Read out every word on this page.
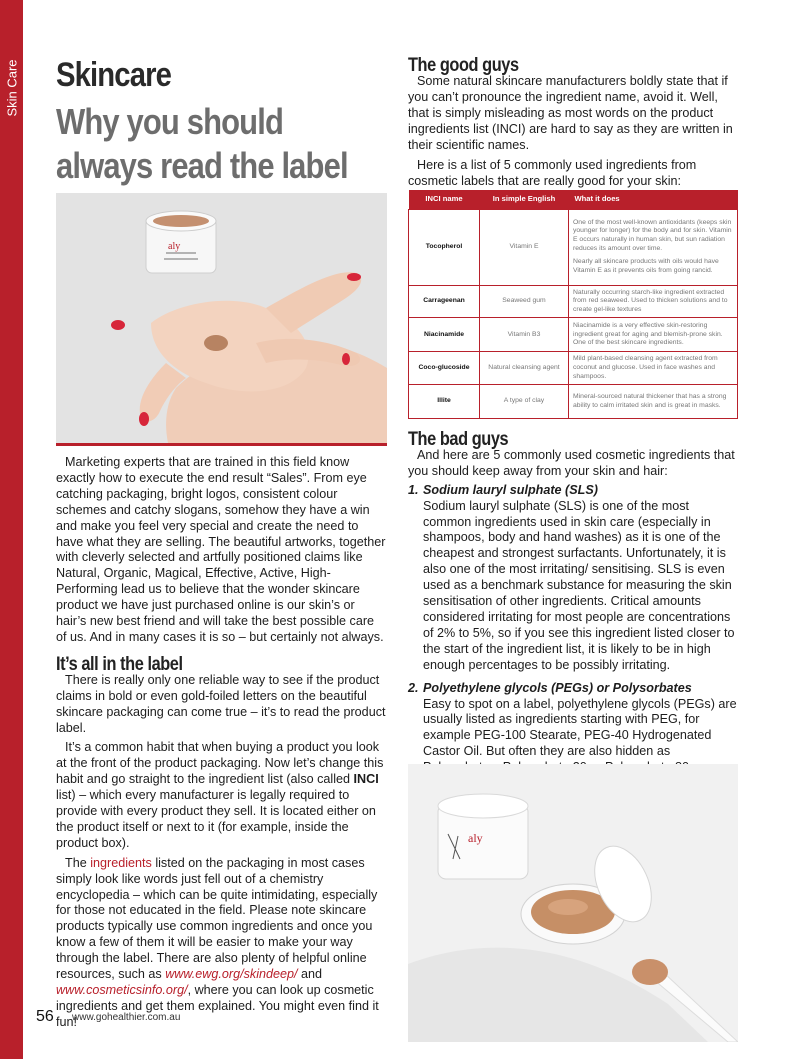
Skin Care Skincare
Why you should always read the label
aly

Marketing experts that are trained in this field know exactly how to execute the end result “Sales”. From eye catching packaging, bright logos, consistent colour schemes and catchy slogans, somehow they have a win and make you feel very special and create the need to have what they are selling. The beautiful artworks, together with cleverly selected and artfully positioned claims like Natural, Organic, Magical, Effective, Active, High-Performing lead us to believe that the wonder skincare product we have just purchased online is our skin’s or hair’s new best friend and will take the best possible care of us. And in many cases it is so – but certainly not always.

It’s all in the label

There is really only one reliable way to see if the product claims in bold or even gold-foiled letters on the beautiful skincare packaging can come true – it’s to read the product label.

It’s a common habit that when buying a product you look at the front of the product packaging. Now let’s change this habit and go straight to the ingredient list (also called INCI list) – which every manufacturer is legally required to provide with every product they sell. It is located either on the product itself or next to it (for example, inside the product box).

The ingredients listed on the packaging in most cases simply look like words just fell out of a chemistry encyclopedia – which can be quite intimidating, especially for those not educated in the field. Please note skincare products typically use common ingredients and once you know a few of them it will be easier to make your way through the label. There are also plenty of helpful online resources, such as www.ewg.org/skindeep/ and www.cosmeticsinfo.org/, where you can look up cosmetic ingredients and get them explained. You might even find it fun!

The good guys

Some natural skincare manufacturers boldly state that if you can’t pronounce the ingredient name, avoid it. Well, that is simply misleading as most words on the product ingredients list (INCI) are hard to say as they are written in their scientific names.

Here is a list of 5 commonly used ingredients from cosmetic labels that are really good for your skin:

INCI name	In simple English	What it does
Tocopherol	Vitamin E	One of the most well-known antioxidants (keeps skin younger for longer) for the body and for skin. Vitamin E occurs naturally in human skin, but sun radiation reduces its amount over time.
Nearly all skincare products with oils would have Vitamin E as it prevents oils from going rancid.

Carrageenan	Seaweed gum	Naturally occurring starch-like ingredient extracted from red seaweed. Used to thicken solutions and to create gel-like textures
Niacinamide	Vitamin B3	Niacinamide is a very effective skin-restoring ingredient great for aging and blemish-prone skin. One of the best skincare ingredients.
Coco-glucoside	Natural cleansing agent	Mild plant-based cleansing agent extracted from coconut and glucose. Used in face washes and shampoos.
Illite	A type of clay	Mineral-sourced natural thickener that has a strong ability to calm irritated skin and is great in masks.
The bad guys

And here are 5 commonly used cosmetic ingredients that you should keep away from your skin and hair:

1. Sodium lauryl sulphate (SLS)
Sodium lauryl sulphate (SLS) is one of the most common ingredients used in skin care (especially in shampoos, body and hand washes) as it is one of the cheapest and strongest surfactants. Unfortunately, it is also one of the most irritating/ sensitising. SLS is even used as a benchmark substance for measuring the skin sensitisation of other ingredients. Critical amounts considered irritating for most people are concentrations of 2% to 5%, so if you see this ingredient listed closer to the start of the ingredient list, it is likely to be in high enough percentages to be possibly irritating.
2. Polyethylene glycols (PEGs) or Polysorbates
Easy to spot on a label, polyethylene glycols (PEGs) are usually listed as ingredients starting with PEG, for example PEG-100 Stearate, PEG-40 Hydrogenated Castor Oil. But often they are also hidden as
aly
56 www.gohealthier.com.au
